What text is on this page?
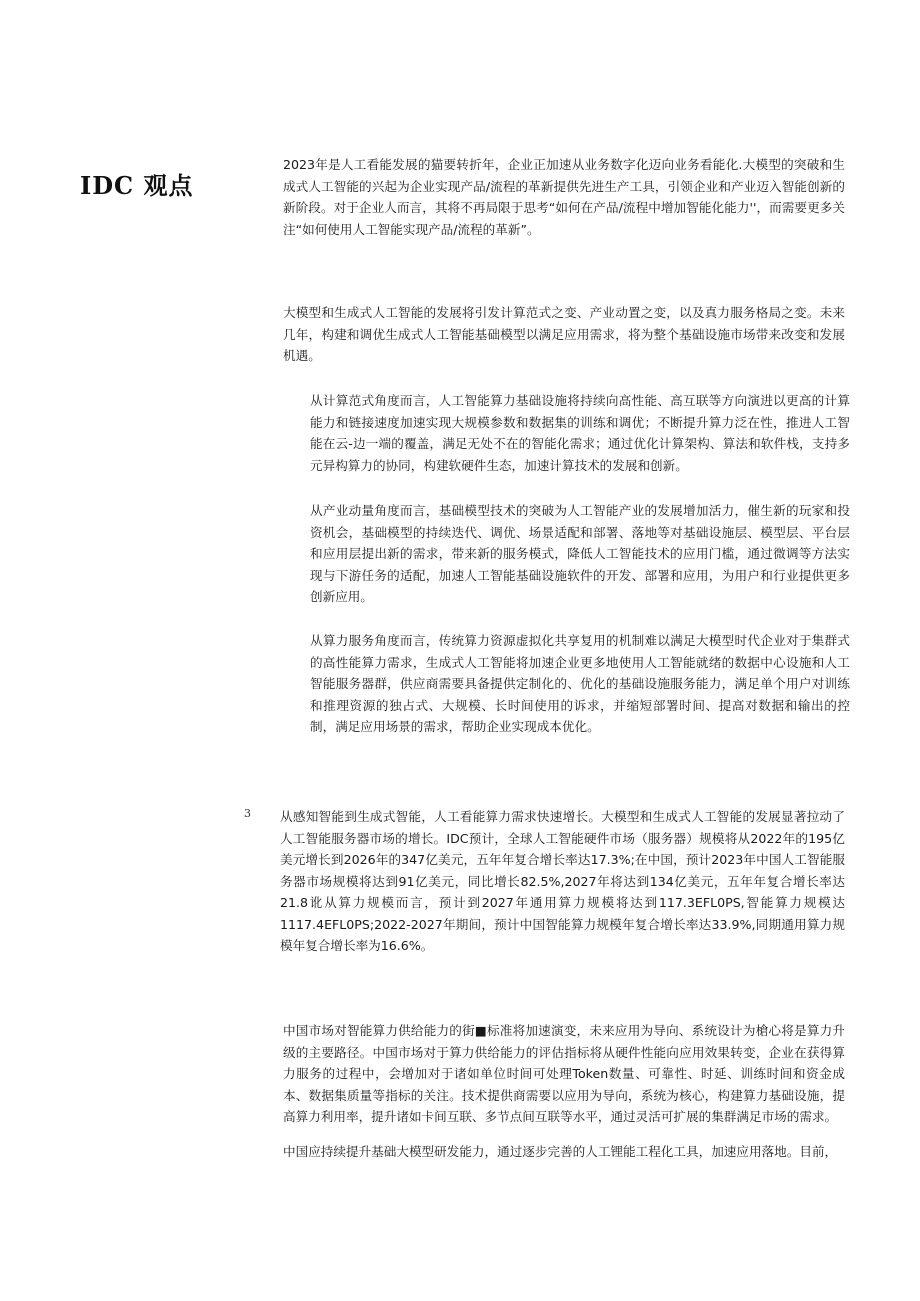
IDC 观点

2023年是人工看能发展的猫要转折年，企业正加速从业务数字化迈向业务看能化.大模型的突破和生成式人工智能的兴起为企业实现产品/流程的革新提供先进生产工具，引领企业和产业迈入智能创新的新阶段。对于企业人而言，其将不再局限于思考“如何在产品/流程中增加智能化能力''，而需要更多关注“如何使用人工智能实现产品/流程的革新”。

大模型和生成式人工智能的发展将引发计算范式之变、产业动置之变，以及真力服务格局之变。未来几年，构建和调优生成式人工智能基础模型以满足应用需求，将为整个基础设施市场带来改变和发展机遇。

从计算范式角度而言，人工智能算力基础设施将持续向高性能、高互联等方向演进以更高的计算能力和链接速度加速实现大规模参数和数据集的训练和调优；不断提升算力泛在性，推进人工智能在云-边一端的覆盖，满足无处不在的智能化需求；通过优化计算架构、算法和软件栈，支持多元异构算力的协同，构建软硬件生态，加速计算技术的发展和创新。

从产业动量角度而言，基础模型技术的突破为人工智能产业的发展增加活力，催生新的玩家和投资机会，基础模型的持续迭代、调优、场景适配和部署、落地等对基础设施层、模型层、平台层和应用层提出新的需求，带来新的服务模式，降低人工智能技术的应用门槛，通过微调等方法实现与下游任务的适配，加速人工智能基础设施软件的开发、部署和应用，为用户和行业提供更多创新应用。

从算力服务角度而言，传统算力资源虚拟化共享复用的机制难以满足大模型时代企业对于集群式的高性能算力需求，生成式人工智能将加速企业更多地使用人工智能就绪的数据中心设施和人工智能服务器群，供应商需要具备提供定制化的、优化的基础设施服务能力，满足单个用户对训练和推理资源的独占式、大规模、长时间使用的诉求，并缩短部署时间、提高对数据和输出的控制，满足应用场景的需求，帮助企业实现成本优化。

3 从感知智能到生成式智能，人工看能算力需求快速增长。大模型和生成式人工智能的发展显著拉动了人工智能服务器市场的增长。IDC预计，全球人工智能硬件市场（服务器）规模将从2022年的195亿美元增长到2026年的347亿美元，五年年复合增长率达17.3%;在中国，预计2023年中国人工智能服务器市场规模将达到91亿美元，同比增长82.5%,2027年将达到134亿美元，五年年复合增长率达21.8讹从算力规模而言，预计到2027年通用算力规模将达到117.3EFL0PS,智能算力规模达1117.4EFL0PS;2022-2027年期间，预计中国智能算力规模年复合增长率达33.9%,同期通用算力规模年复合增长率为16.6%。

中国市场对智能算力供给能力的街■标准将加速演变，未来应用为导向、系统设计为槍心将是算力升级的主要路径。中国市场对于算力供给能力的评估指标将从硬件性能向应用效果转变，企业在获得算力服务的过程中，会增加对于诸如单位时间可处理Token数量、可靠性、时延、训练时间和资金成本、数据集质量等指标的关注。技术提供商需要以应用为导向，系统为核心，构建算力基础设施，提高算力利用率，提升诸如卡间互联、多节点间互联等水平，通过灵活可扩展的集群满足市场的需求。

中国应持续提升基础大模型研发能力，通过逐步完善的人工锂能工程化工具，加速应用落地。目前，
